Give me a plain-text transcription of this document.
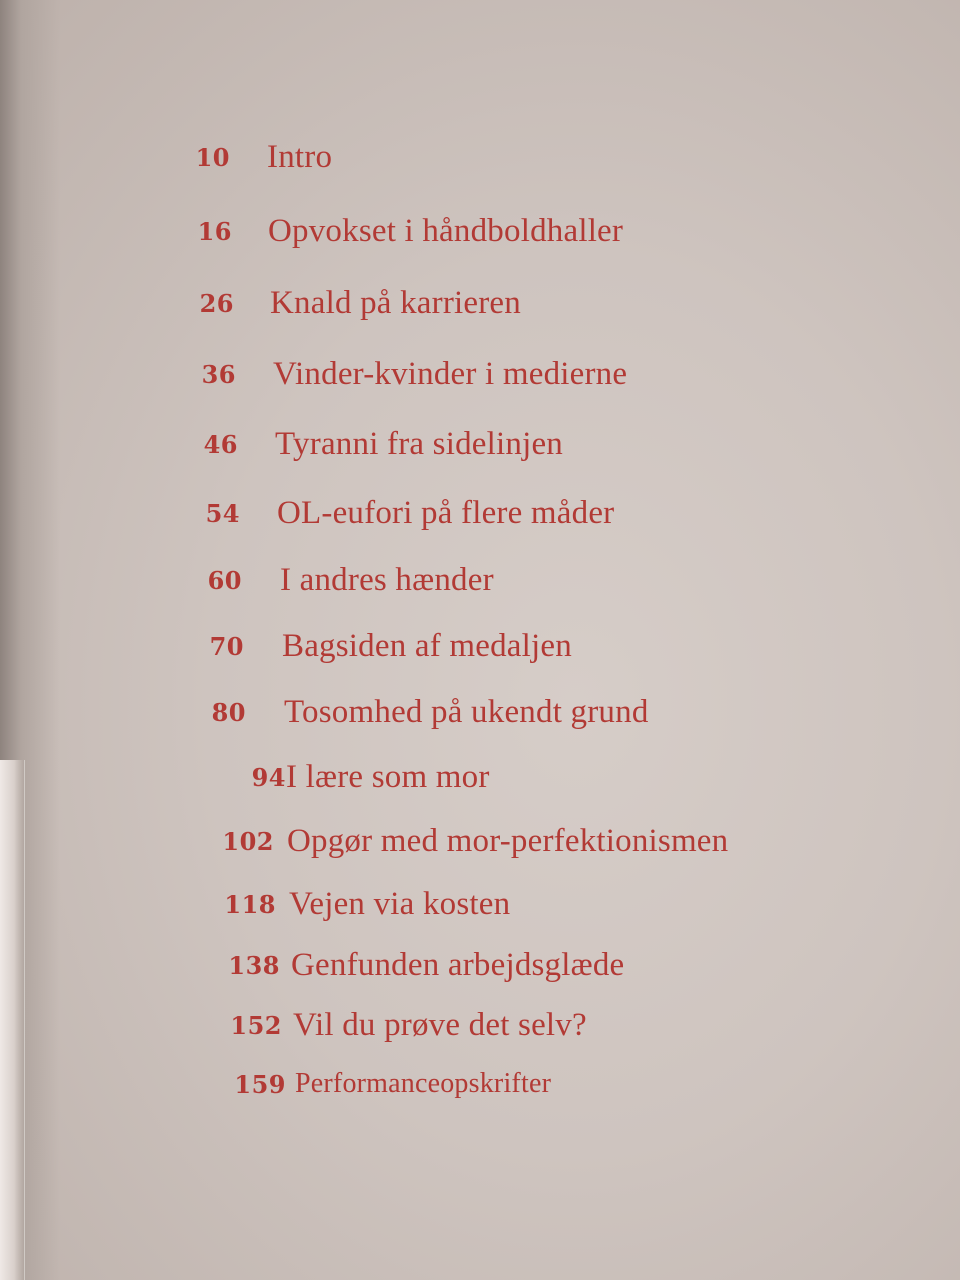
10 Intro
16 Opvokset i håndboldhaller
26 Knald på karrieren
36 Vinder-kvinder i medierne
46 Tyranni fra sidelinjen
54 OL-eufori på flere måder
60 I andres hænder
70 Bagsiden af medaljen
80 Tosomhed på ukendt grund
94 I lære som mor
102 Opgør med mor-perfektionismen
118 Vejen via kosten
138 Genfunden arbejdsglæde
152 Vil du prøve det selv?
159 Performanceopskrifter
